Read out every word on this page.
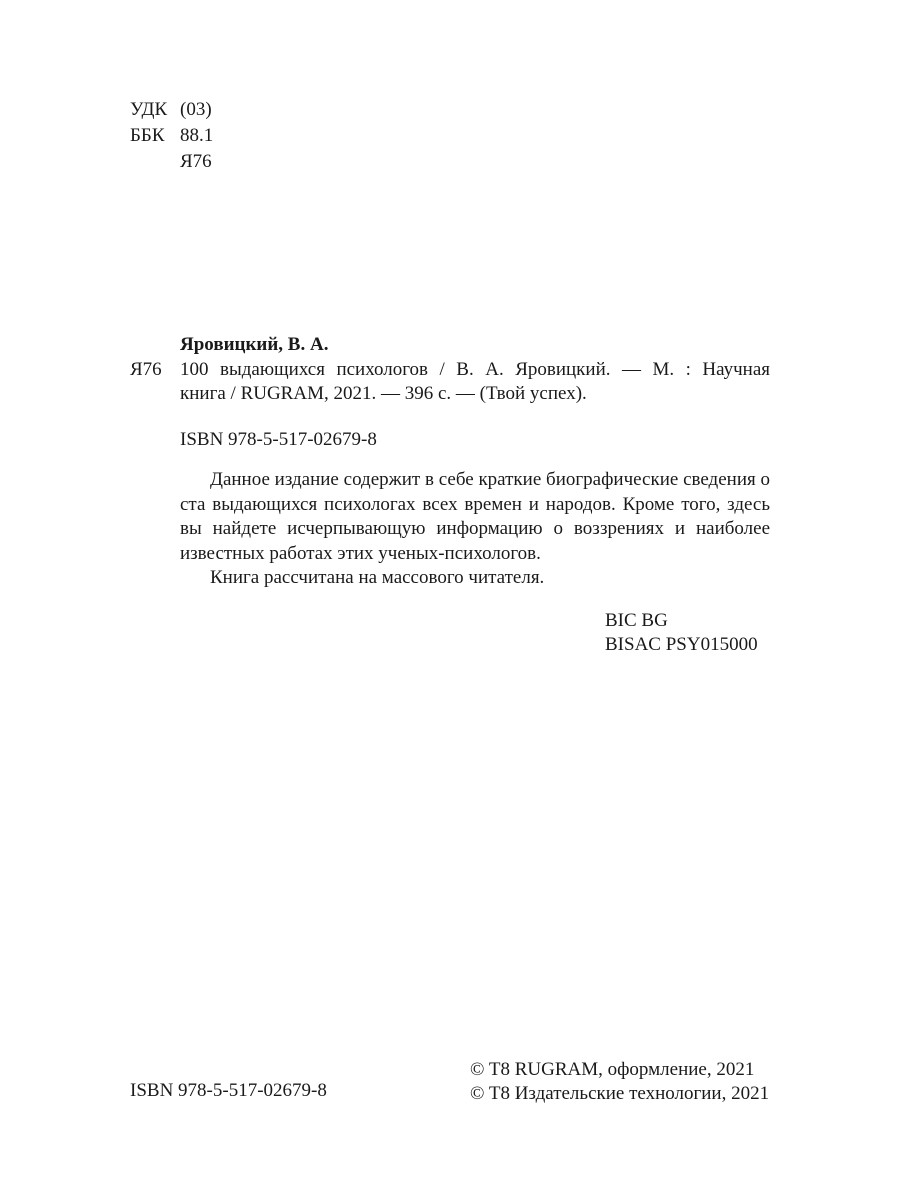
УДК (03)
ББК 88.1
Я76
Яровицкий, В. А.
Я76 100 выдающихся психологов / В. А. Яровицкий. — М. : Научная
книга / RUGRAM, 2021. — 396 с. — (Твой успех).
ISBN 978-5-517-02679-8

Данное издание содержит в себе краткие биографические сведения о ста выдающихся психологах всех времен и народов. Кроме того, здесь вы найдете исчерпывающую информацию о воззрениях и наиболее известных работах этих ученых-психологов.

Книга рассчитана на массового читателя.

BIC BG
BISAC PSY015000
ISBN 978-5-517-02679-8
© T8 RUGRAM, оформление, 2021
© T8 Издательские технологии, 2021
